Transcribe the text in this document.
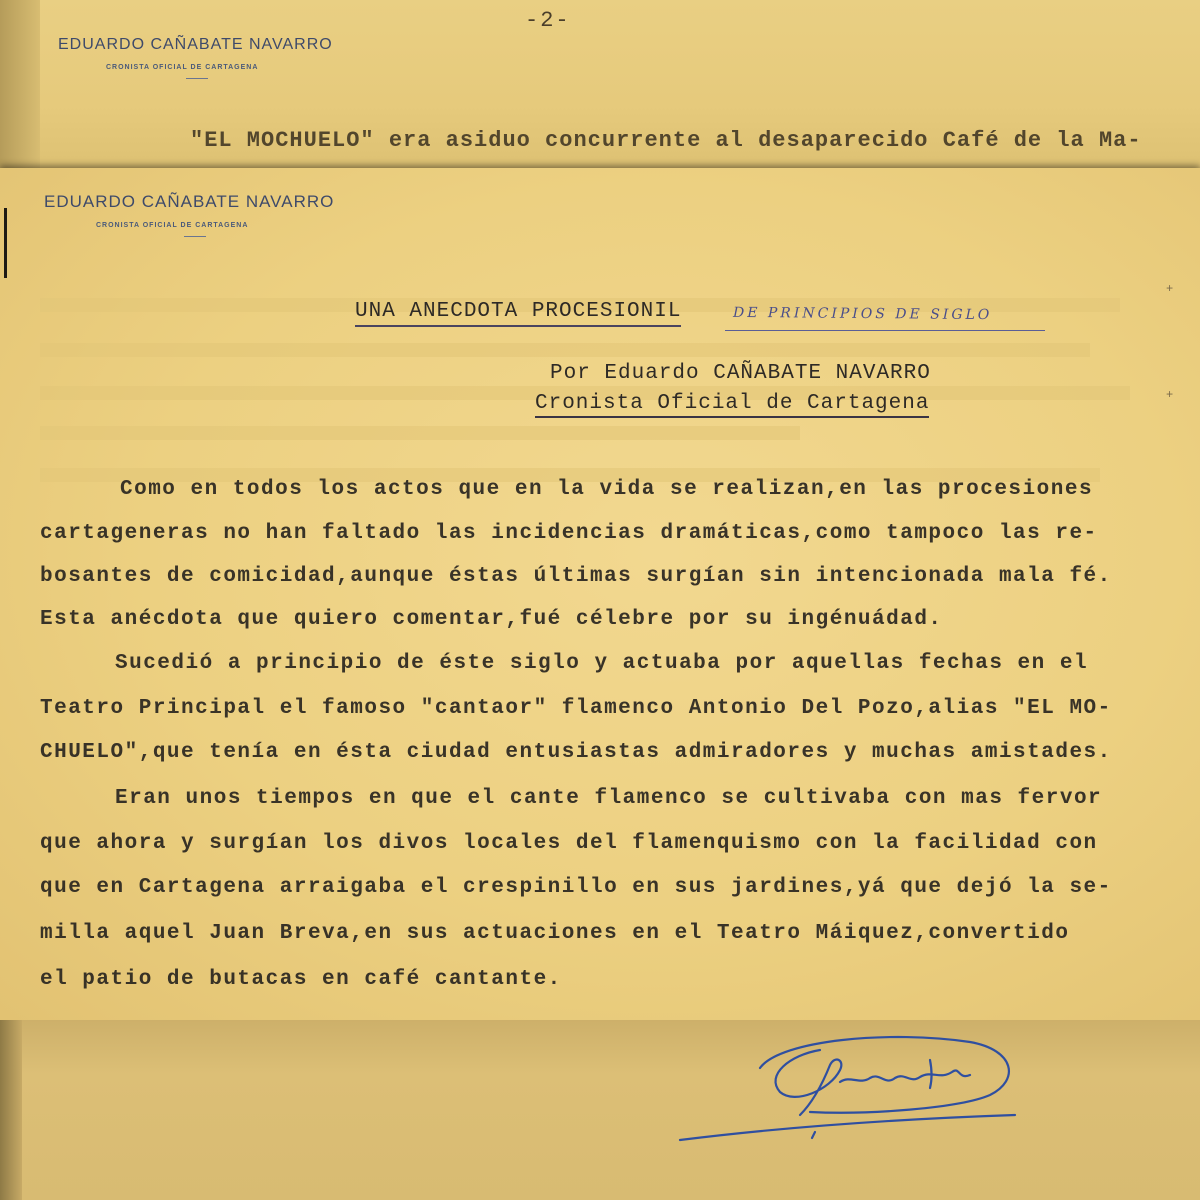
-2-
EDUARDO CAÑABATE NAVARRO
CRONISTA OFICIAL DE CARTAGENA
"EL MOCHUELO" era asiduo concurrente al desaparecido Café de la Ma-
EDUARDO CAÑABATE NAVARRO
CRONISTA OFICIAL DE CARTAGENA
+
+
UNA ANECDOTA PROCESIONIL	DE PRINCIPIOS DE SIGLO
Por Eduardo CAÑABATE NAVARRO
Cronista Oficial de Cartagena
Como en todos los actos que en la vida se realizan,en las procesiones
cartageneras no han faltado las incidencias dramáticas,como tampoco las re-
bosantes de comicidad,aunque éstas últimas surgían sin intencionada mala fé.
Esta anécdota que quiero comentar,fué célebre por su ingénuádad.
Sucedió a principio de éste siglo y actuaba por aquellas fechas en el
Teatro Principal el famoso "cantaor" flamenco Antonio Del Pozo,alias "EL MO-
CHUELO",que tenía en ésta ciudad entusiastas admiradores y muchas amistades.
Eran unos tiempos en que el cante flamenco se cultivaba con mas fervor
que ahora y surgían los divos locales del flamenquismo con la facilidad con
que en Cartagena arraigaba el crespinillo en sus jardines,yá que dejó la se-
milla aquel Juan Breva,en sus actuaciones en el Teatro Máiquez,convertido
el patio de butacas en café cantante.
